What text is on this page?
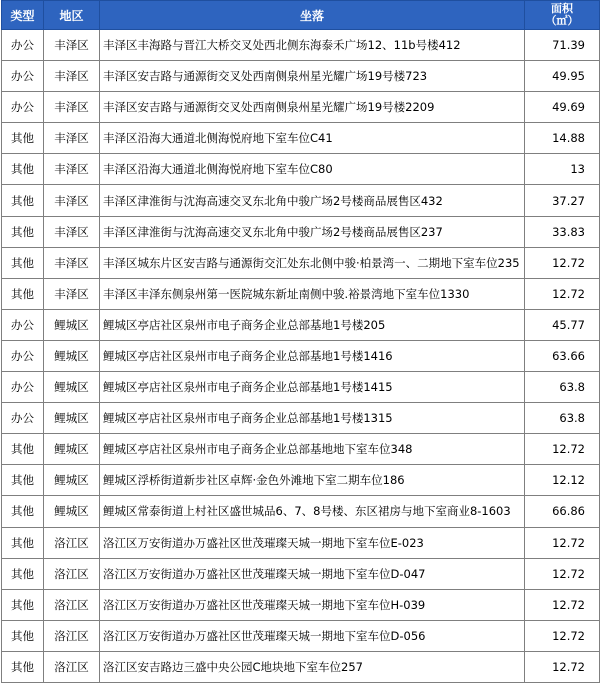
类型	地区	坐落	面积
（㎡）

办公	丰泽区	丰泽区丰海路与晋江大桥交叉处西北侧东海泰禾广场12、11b号楼412	71.39
办公	丰泽区	丰泽区安吉路与通源街交叉处西南侧泉州星光耀广场19号楼723	49.95
办公	丰泽区	丰泽区安吉路与通源街交叉处西南侧泉州星光耀广场19号楼2209	49.69
其他	丰泽区	丰泽区沿海大通道北侧海悦府地下室车位C41	14.88
其他	丰泽区	丰泽区沿海大通道北侧海悦府地下室车位C80	13
其他	丰泽区	丰泽区津淮街与沈海高速交叉东北角中骏广场2号楼商品展售区432	37.27
其他	丰泽区	丰泽区津淮街与沈海高速交叉东北角中骏广场2号楼商品展售区237	33.83
其他	丰泽区	丰泽区城东片区安吉路与通源街交汇处东北侧中骏·柏景湾一、二期地下室车位235	12.72
其他	丰泽区	丰泽区丰泽东侧泉州第一医院城东新址南侧中骏.裕景湾地下室车位1330	12.72
办公	鲤城区	鲤城区亭店社区泉州市电子商务企业总部基地1号楼205	45.77
办公	鲤城区	鲤城区亭店社区泉州市电子商务企业总部基地1号楼1416	63.66
办公	鲤城区	鲤城区亭店社区泉州市电子商务企业总部基地1号楼1415	63.8
办公	鲤城区	鲤城区亭店社区泉州市电子商务企业总部基地1号楼1315	63.8
其他	鲤城区	鲤城区亭店社区泉州市电子商务企业总部基地地下室车位348	12.72
其他	鲤城区	鲤城区浮桥街道新步社区卓辉·金色外滩地下室二期车位186	12.12
其他	鲤城区	鲤城区常泰街道上村社区盛世城品6、7、8号楼、东区裙房与地下室商业8-1603	66.86
其他	洛江区	洛江区万安街道办万盛社区世茂璀璨天城一期地下室车位E-023	12.72
其他	洛江区	洛江区万安街道办万盛社区世茂璀璨天城一期地下室车位D-047	12.72
其他	洛江区	洛江区万安街道办万盛社区世茂璀璨天城一期地下室车位H-039	12.72
其他	洛江区	洛江区万安街道办万盛社区世茂璀璨天城一期地下室车位D-056	12.72
其他	洛江区	洛江区安吉路边三盛中央公园C地块地下室车位257	12.72
